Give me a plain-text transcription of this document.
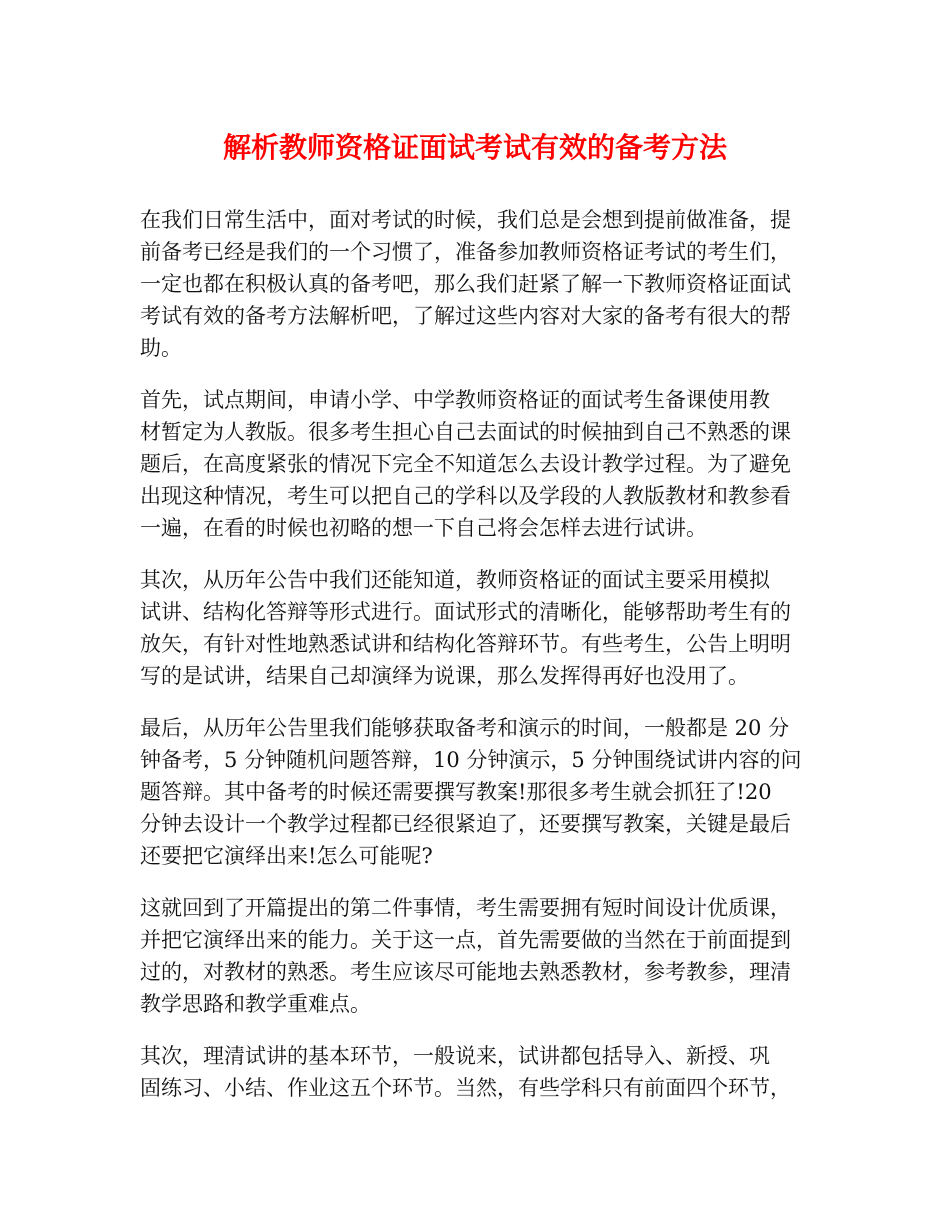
解析教师资格证面试考试有效的备考方法

在我们日常生活中，面对考试的时候，我们总是会想到提前做准备，提

前备考已经是我们的一个习惯了，准备参加教师资格证考试的考生们，

一定也都在积极认真的备考吧，那么我们赶紧了解一下教师资格证面试

考试有效的备考方法解析吧，了解过这些内容对大家的备考有很大的帮

助。

首先，试点期间，申请小学、中学教师资格证的面试考生备课使用教

材暂定为人教版。很多考生担心自己去面试的时候抽到自己不熟悉的课

题后，在高度紧张的情况下完全不知道怎么去设计教学过程。为了避免

出现这种情况，考生可以把自己的学科以及学段的人教版教材和教参看

一遍，在看的时候也初略的想一下自己将会怎样去进行试讲。

其次，从历年公告中我们还能知道，教师资格证的面试主要采用模拟

试讲、结构化答辩等形式进行。面试形式的清晰化，能够帮助考生有的

放矢，有针对性地熟悉试讲和结构化答辩环节。有些考生，公告上明明

写的是试讲，结果自己却演绎为说课，那么发挥得再好也没用了。

最后，从历年公告里我们能够获取备考和演示的时间，一般都是 20 分

钟备考，5 分钟随机问题答辩，10 分钟演示，5 分钟围绕试讲内容的问

题答辩。其中备考的时候还需要撰写教案!那很多考生就会抓狂了!20

分钟去设计一个教学过程都已经很紧迫了，还要撰写教案，关键是最后

还要把它演绎出来!怎么可能呢?

这就回到了开篇提出的第二件事情，考生需要拥有短时间设计优质课，

并把它演绎出来的能力。关于这一点，首先需要做的当然在于前面提到

过的，对教材的熟悉。考生应该尽可能地去熟悉教材，参考教参，理清

教学思路和教学重难点。

其次，理清试讲的基本环节，一般说来，试讲都包括导入、新授、巩

固练习、小结、作业这五个环节。当然，有些学科只有前面四个环节，
